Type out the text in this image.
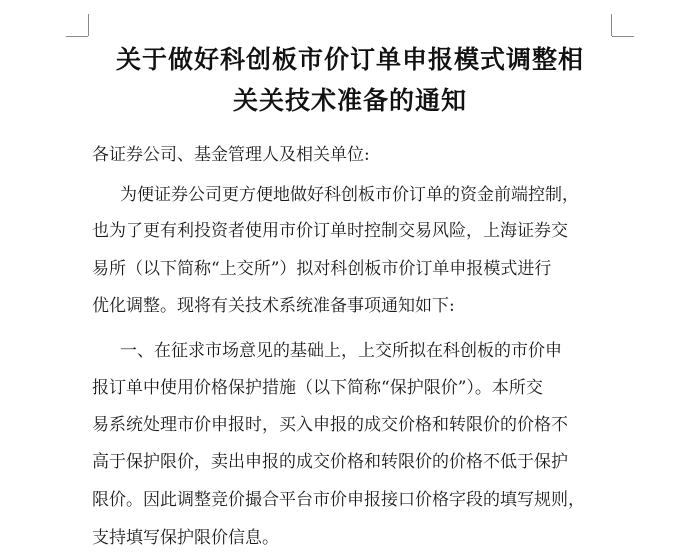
关于做好科创板市价订单申报模式调整相
关关技术准备的通知
各证券公司、基金管理人及相关单位:
为便证券公司更方便地做好科创板市价订单的资金前端控制，
也为了更有利投资者使用市价订单时控制交易风险，上海证券交
易所（以下简称“上交所”）拟对科创板市价订单申报模式进行
优化调整。现将有关技术系统准备事项通知如下:
一、在征求市场意见的基础上，上交所拟在科创板的市价申
报订单中使用价格保护措施（以下简称“保护限价”）。本所交
易系统处理市价申报时，买入申报的成交价格和转限价的价格不
高于保护限价，卖出申报的成交价格和转限价的价格不低于保护
限价。因此调整竞价撮合平台市价申报接口价格字段的填写规则，
支持填写保护限价信息。
